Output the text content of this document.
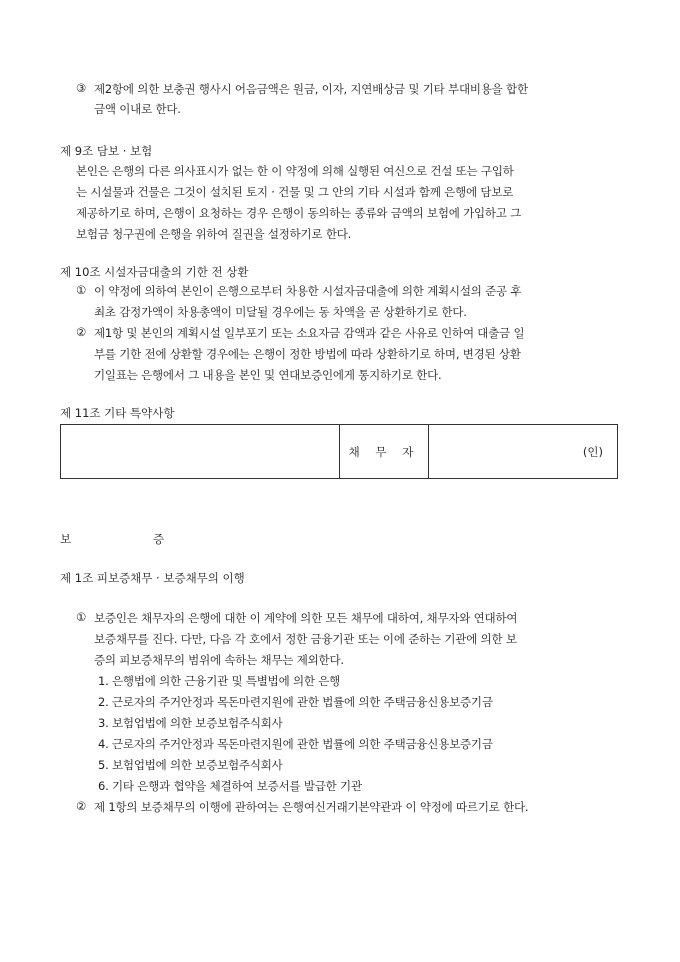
③ 제2항에 의한 보충권 행사시 어음금액은 원금, 이자, 지연배상금 및 기타 부대비용을 합한
금액 이내로 한다.
제 9조 담보 · 보험
본인은 은행의 다른 의사표시가 없는 한 이 약정에 의해 실행된 여신으로 건설 또는 구입하
는 시설물과 건물은 그것이 설치된 토지 · 건물 및 그 안의 기타 시설과 함께 은행에 담보로
제공하기로 하며, 은행이 요청하는 경우 은행이 동의하는 종류와 금액의 보험에 가입하고 그
보험금 청구권에 은행을 위하여 질권을 설정하기로 한다.
제 10조 시설자금대출의 기한 전 상환
① 이 약정에 의하여 본인이 은행으로부터 차용한 시설자금대출에 의한 계획시설의 준공 후
최초 감정가액이 차용총액이 미달될 경우에는 동 차액을 곧 상환하기로 한다.
② 제1항 및 본인의 계획시설 일부포기 또는 소요자금 감액과 같은 사유로 인하여 대출금 일
부를 기한 전에 상환할 경우에는 은행이 정한 방법에 따라 상환하기로 하며, 변경된 상환
기일표는 은행에서 그 내용을 본인 및 연대보증인에게 통지하기로 한다.
제 11조 기타 특약사항
	채 무 자	(인)
보	증
제 1조 피보증채무 · 보증채무의 이행
① 보증인은 채무자의 은행에 대한 이 계약에 의한 모든 채무에 대하여, 채무자와 연대하여
보증채무를 진다. 다만, 다음 각 호에서 정한 금융기관 또는 이에 준하는 기관에 의한 보
증의 피보증채무의 범위에 속하는 채무는 제외한다.
1. 은행법에 의한 근융기관 및 특별법에 의한 은행
2. 근로자의 주거안정과 목돈마련지원에 관한 법률에 의한 주택금융신용보증기금
3. 보험업법에 의한 보증보험주식회사
4. 근로자의 주거안정과 목돈마련지원에 관한 법률에 의한 주택금융신용보증기금
5. 보험업법에 의한 보증보험주식회사
6. 기타 은행과 협약을 체결하여 보증서를 발급한 기관
② 제 1항의 보증채무의 이행에 관하여는 은행여신거래기본약관과 이 약정에 따르기로 한다.
